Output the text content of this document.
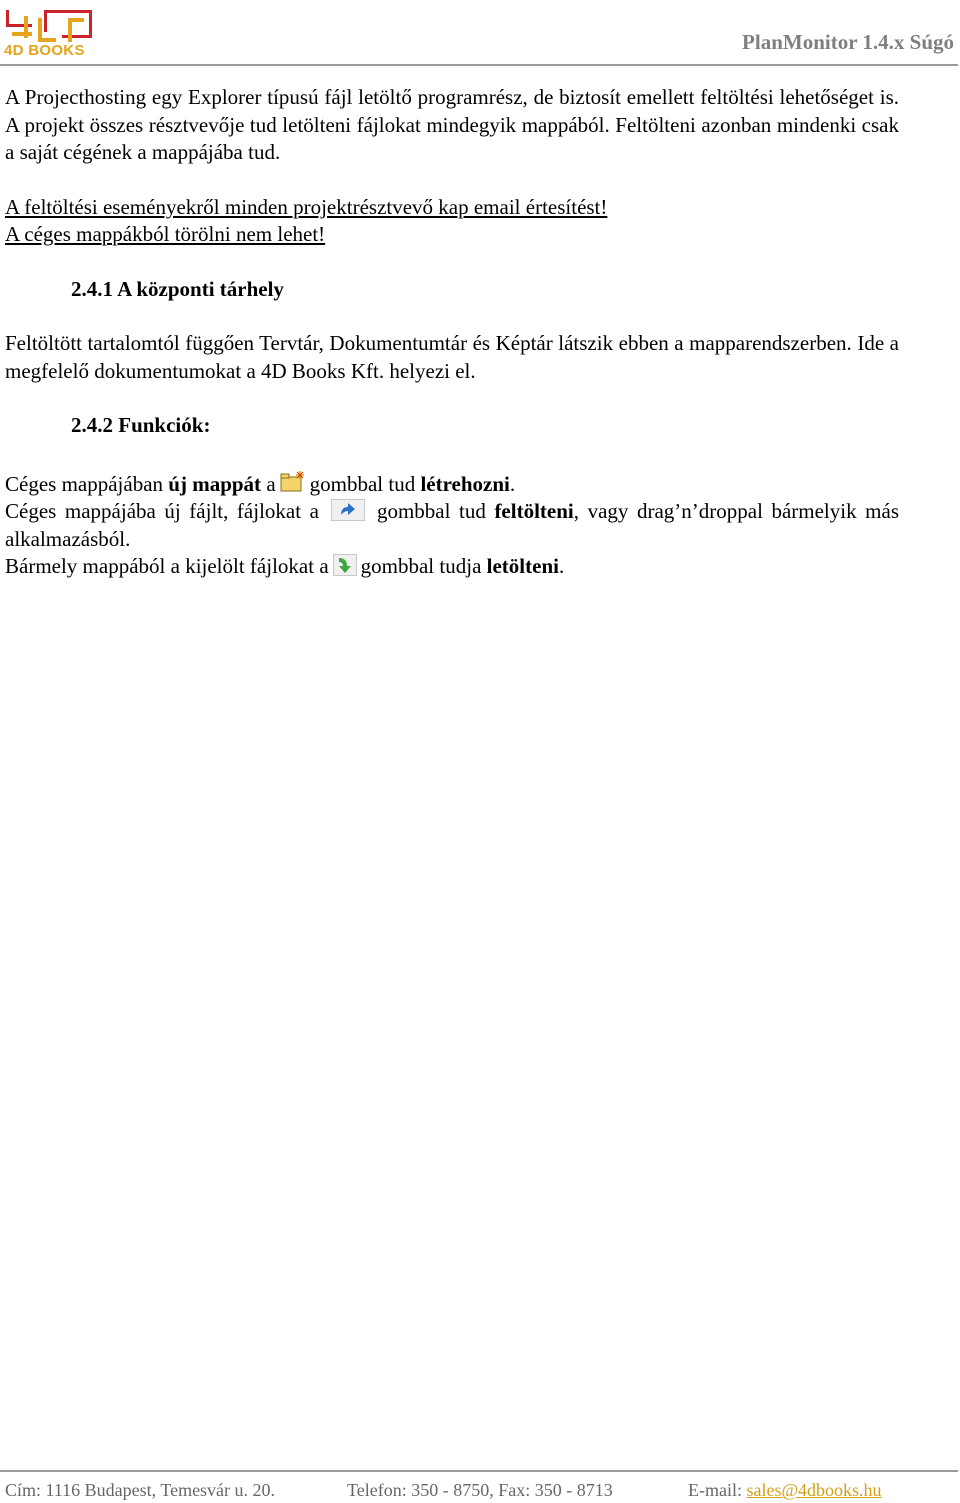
4D BOOKS	PlanMonitor 1.4.x Súgó

A Projecthosting egy Explorer típusú fájl letöltő programrész, de biztosít emellett feltöltési lehetőséget is. A projekt összes résztvevője tud letölteni fájlokat mindegyik mappából. Feltölteni azonban mindenki csak a saját cégének a mappájába tud.

A feltöltési eseményekről minden projektrésztvevő kap email értesítést!

A céges mappákból törölni nem lehet!

2.4.1 A központi tárhely

Feltöltött tartalomtól függően Tervtár, Dokumentumtár és Képtár látszik ebben a mapparendszerben. Ide a megfelelő dokumentumokat a 4D Books Kft. helyezi el.

2.4.2 Funkciók:

Céges mappájában új mappát a gombbal tud létrehozni.

Céges mappájába új fájlt, fájlokat a	gombbal tud feltölteni, vagy drag’n’droppal bármelyik más alkalmazásból.

Bármely mappából a kijelölt fájlokat a gombbal tudja letölteni.

Cím: 1116 Budapest, Temesvár u. 20.	Telefon: 350 - 8750, Fax: 350 - 8713	E-mail: sales@4dbooks.hu
